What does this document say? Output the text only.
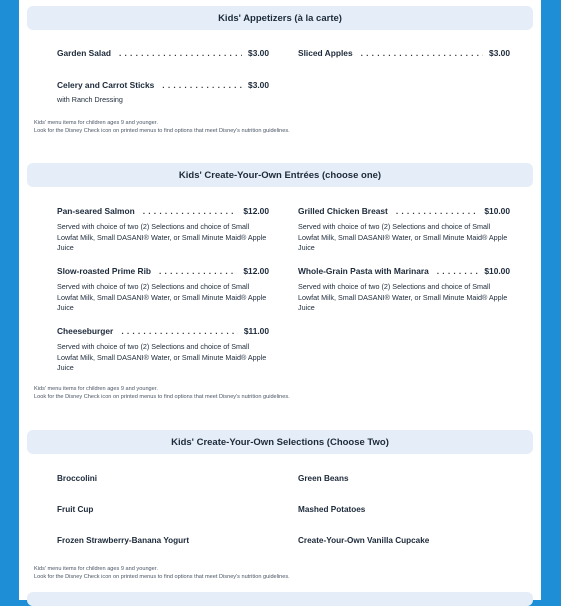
Kids' Appetizers (à la carte)
Garden Salad .....	$3.00	Sliced Apples .....	$3.00
Celery and Carrot Sticks .....	$3.00
with Ranch Dressing
Kids' menu items for children ages 9 and younger.
Look for the Disney Check icon on printed menus to find options that meet Disney's nutrition guidelines.
Kids' Create-Your-Own Entrées (choose one)
Pan-seared Salmon .....	$12.00
Served with choice of two (2) Selections and choice of Small Lowfat Milk, Small DASANI® Water, or Small Minute Maid® Apple Juice
Grilled Chicken Breast .....	$10.00
Served with choice of two (2) Selections and choice of Small Lowfat Milk, Small DASANI® Water, or Small Minute Maid® Apple Juice
Slow-roasted Prime Rib .....	$12.00
Served with choice of two (2) Selections and choice of Small Lowfat Milk, Small DASANI® Water, or Small Minute Maid® Apple Juice
Whole-Grain Pasta with Marinara .....	$10.00
Served with choice of two (2) Selections and choice of Small Lowfat Milk, Small DASANI® Water, or Small Minute Maid® Apple Juice
Cheeseburger .....	$11.00
Served with choice of two (2) Selections and choice of Small Lowfat Milk, Small DASANI® Water, or Small Minute Maid® Apple Juice
Kids' menu items for children ages 9 and younger.
Look for the Disney Check icon on printed menus to find options that meet Disney's nutrition guidelines.
Kids' Create-Your-Own Selections (Choose Two)
Broccolini	Green Beans
Fruit Cup	Mashed Potatoes
Frozen Strawberry-Banana Yogurt	Create-Your-Own Vanilla Cupcake
Kids' menu items for children ages 9 and younger.
Look for the Disney Check icon on printed menus to find options that meet Disney's nutrition guidelines.
